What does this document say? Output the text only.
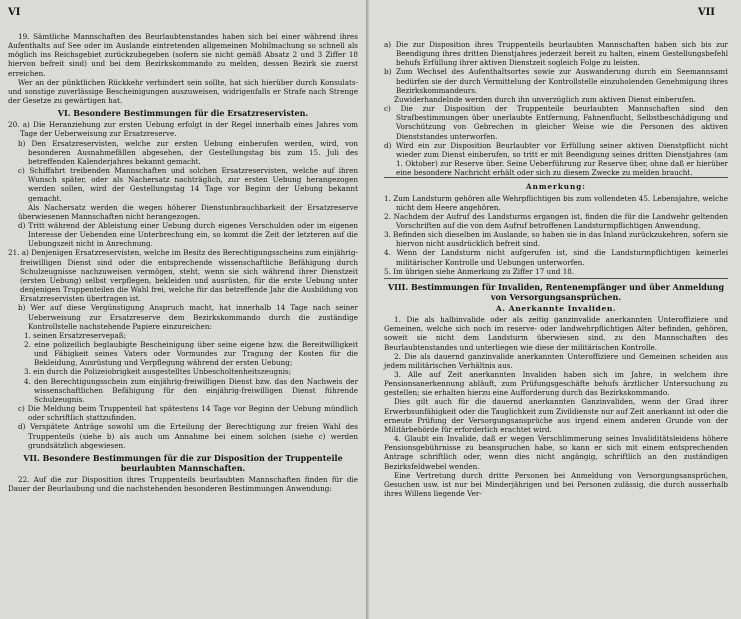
VI

19. Sämtliche Mannschaften des Beurlaubtenstandes haben sich bei einer während ihres Aufenthalts auf See oder im Auslande eintretenden allgemeinen Mobilmachung so schnell als möglich ins Reichsgebiet zurückzubegeben (sofern sie nicht gemäß Absatz 2 und 3 Ziffer 18 hiervon befreit sind) und bei dem Bezirkskommando zu melden, dessen Bezirk sie zuerst erreichen.

Wer an der pünktlichen Rückkehr verhindert sein sollte, hat sich hierüber durch Konsulats- und sonstige zuverlässige Bescheinigungen auszuweisen, widrigenfalls er Strafe nach Strenge der Gesetze zu gewärtigen hat.

VI. Besondere Bestimmungen für die Ersatzreservisten.

20. a) Die Heranziehung zur ersten Uebung erfolgt in der Regel innerhalb eines Jahres vom Tage der Ueberweisung zur Ersatzreserve.

b) Den Ersatzreservisten, welche zur ersten Uebung einberufen werden, wird, von besonderen Ausnahmefällen abgesehen, der Gestellungstag bis zum 15. Juli des betreffenden Kalenderjahres bekannt gemacht.

c) Schiffahrt treibenden Mannschaften und solchen Ersatzreservisten, welche auf ihren Wunsch später, oder als Nachersatz nachträglich, zur ersten Uebung herangezogen werden sollen, wird der Gestellungstag 14 Tage vor Beginn der Uebung bekannt gemacht.

Als Nachersatz werden die wegen höherer Dienstunbrauchbarkeit der Ersatzreserve überwiesenen Mannschaften nicht herangezogen.

d) Tritt während der Ableistung einer Uebung durch eigenes Verschulden oder im eigenen Interesse der Uebenden eine Unterbrechung ein, so kommt die Zeit der letzteren auf die Uebungszeit nicht in Anrechnung.

21. a) Denjenigen Ersatzreservisten, welche im Besitz des Berechtigungsscheins zum einjährig-freiwilligen Dienst sind oder die entsprechende wissenschaftliche Befähigung durch Schulzeugnisse nachzuweisen vermögen, steht, wenn sie sich während ihrer Dienstzeit (ersten Uebung) selbst verpflegen, bekleiden und ausrüsten, für die erste Uebung unter denjenigen Truppenteilen die Wahl frei, welche für das betreffende Jahr die Ausbildung von Ersatzreservisten übertragen ist.

b) Wer auf diese Vergünstigung Anspruch macht, hat innerhalb 14 Tage nach seiner Ueberweisung zur Ersatzreserve dem Bezirkskommando durch die zuständige Kontrollstelle nachstehende Papiere einzureichen:

1. seinen Ersatzreservepaß;

2. eine polizeilich beglaubigte Bescheinigung über seine eigene bzw. die Bereitwilligkeit und Fähigkeit seines Vaters oder Vormundes zur Tragung der Kosten für die Bekleidung, Ausrüstung und Verpflegung während der ersten Uebung;

3. ein durch die Polizeiobrigkeit ausgestelltes Unbescholtenheitszeugnis;

4. den Berechtigungsschein zum einjährig-freiwilligen Dienst bzw. das den Nachweis der wissenschaftlichen Befähigung für den einjährig-freiwilligen Dienst führende Schulzeugnis.

c) Die Meldung beim Truppenteil hat spätestens 14 Tage vor Beginn der Uebung mündlich oder schriftlich stattzufinden.

d) Verspätete Anträge sowohl um die Erteilung der Berechtigung zur freien Wahl des Truppenteils (siehe b) als auch um Annahme bei einem solchen (siehe c) werden grundsätzlich abgewiesen.

VII. Besondere Bestimmungen für die zur Disposition der Truppenteile beurlaubten Mannschaften.

22. Auf die zur Disposition ihres Truppenteils beurlaubten Mannschaften finden für die Dauer der Beurlaubung und die nachstehenden besonderen Bestimmungen Anwendung:

VII

a) Die zur Disposition ihres Truppenteils beurlaubten Mannschaften haben sich bis zur Beendigung ihres dritten Dienstjahres jederzeit bereit zu halten, einem Gestellungsbefehl behufs Erfüllung ihrer aktiven Dienstzeit sogleich Folge zu leisten.

b) Zum Wechsel des Aufenthaltsortes sowie zur Auswanderung durch ein Seemannsamt bedürfen sie der durch Vermittelung der Kontrollstelle einzuholenden Genehmigung ihres Bezirkskommandeurs.

Zuwiderhandelnde werden durch ihn unverzüglich zum aktiven Dienst einberufen.

c) Die zur Disposition der Truppenteile beurlaubten Mannschaften sind den Strafbestimmungen über unerlaubte Entfernung, Fahnenflucht, Selbstbeschädigung und Vorschützung von Gebrechen in gleicher Weise wie die Personen des aktiven Dienststandes unterworfen.

d) Wird ein zur Disposition Beurlaubter vor Erfüllung seiner aktiven Dienstpflicht nicht wieder zum Dienst einberufen, so tritt er mit Beendigung seines dritten Dienstjahres (am 1. Oktober) zur Reserve über. Seine Ueberführung zur Reserve über, ohne daß er hierüber eine besondere Nachricht erhält oder sich zu diesem Zwecke zu melden braucht.

Anmerkung:

1. Zum Landsturm gehören alle Wehrpflichtigen bis zum vollendeten 45. Lebensjahre, welche nicht dem Heere angehören.

2. Nachdem der Aufruf des Landsturms ergangen ist, finden die für die Landwehr geltenden Vorschriften auf die von dem Aufruf betroffenen Landsturmpflichtigen Anwendung.

3. Befinden sich dieselben im Auslande, so haben sie in das Inland zurückzukehren, sofern sie hiervon nicht ausdrücklich befreit sind.

4. Wenn der Landsturm nicht aufgerufen ist, sind die Landsturmpflichtigen keinerlei militärischer Kontrolle und Uebungen unterworfen.

5. Im übrigen siehe Anmerkung zu Ziffer 17 und 18.

VIII. Bestimmungen für Invaliden, Rentenempfänger und über Anmeldung von Versorgungsansprüchen.

A. Anerkannte Invaliden.

1. Die als halbinvalide oder als zeitig ganzinvalide anerkannten Unteroffiziere und Gemeinen, welche sich noch im reserve- oder landwehrpflichtigen Alter befinden, gehören, soweit sie nicht dem Landsturm überwiesen sind, zu den Mannschaften des Beurlaubtenstandes und unterliegen wie diese der militärischen Kontrolle.

2. Die als dauernd ganzinvalide anerkannten Unteroffiziere und Gemeinen scheiden aus jedem militärischen Verhältnis aus.

3. Alle auf Zeit anerkannten Invaliden haben sich im Jahre, in welchem ihre Pensionsanerkennung abläuft, zum Prüfungsgeschäfte behufs ärztlicher Untersuchung zu gestellen; sie erhalten hierzu eine Aufforderung durch das Bezirkskommando.

Dies gilt auch für die dauernd anerkannten Ganzinvaliden, wenn der Grad ihrer Erwerbsunfähigkeit oder die Tauglichkeit zum Zivildienste nur auf Zeit anerkannt ist oder die erneute Prüfung der Versorgungsansprüche aus irgend einem anderen Grunde von der Militärbehörde für erforderlich erachtet wird.

4. Glaubt ein Invalide, daß er wegen Verschlimmerung seines Invaliditätsleidens höhere Pensionsgebührnisse zu beanspruchen habe, so kann er sich mit einem entsprechenden Antrage schriftlich oder, wenn dies nicht angängig, schriftlich an den zuständigen Bezirksfeldwebel wenden.

Eine Vertretung durch dritte Personen bei Anmeldung von Versorgungsansprüchen, Gesuchen usw. ist nur bei Minderjährigen und bei Personen zulässig, die durch ausserhalb ihres Willens liegende Ver-
